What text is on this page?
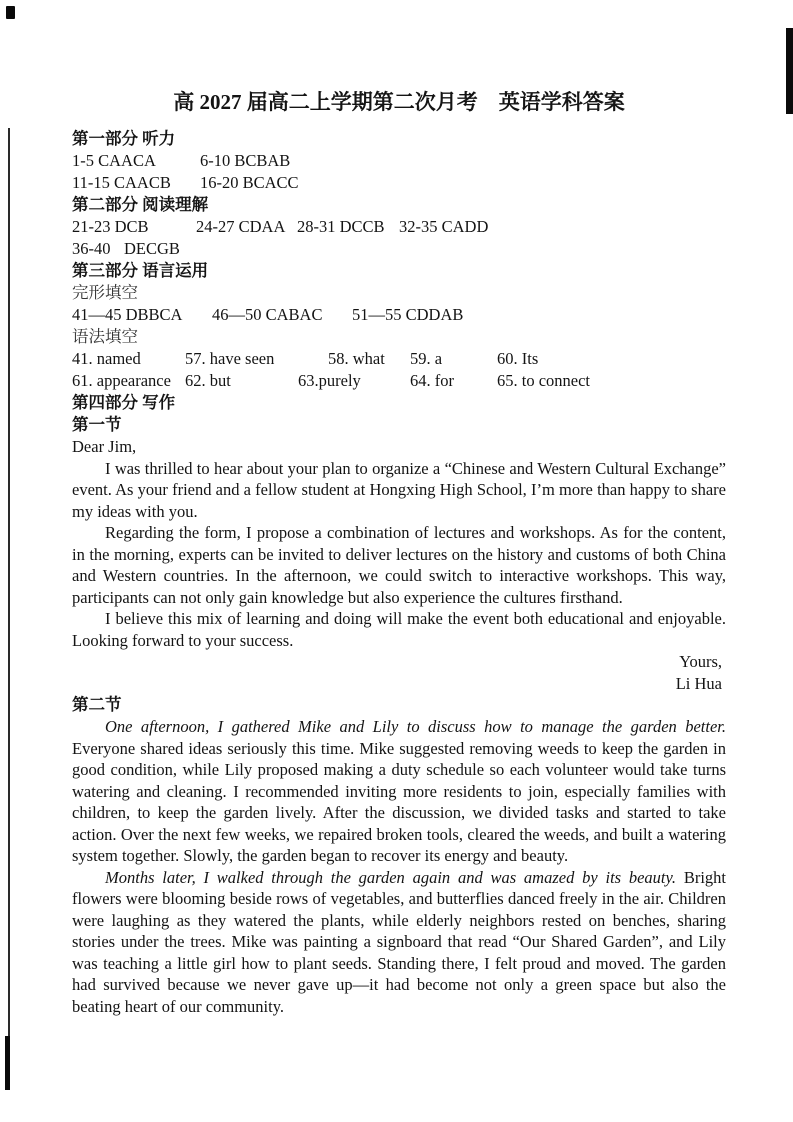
高 2027 届高二上学期第二次月考　英语学科答案
第一部分 听力
1-5 CAACA	6-10 BCBAB
11-15 CAACB	16-20 BCACC
第二部分 阅读理解
21-23 DCB	24-27 CDAA 28-31 DCCB 32-35 CADD
36-40 DECGB
第三部分 语言运用
完形填空
41—45 DBBCA	46—50 CABAC	51—55 CDDAB
语法填空
41. named	57. have seen	58. what	59. a	60. Its
61. appearance 62. but	63.purely	64. for	65. to connect
第四部分 写作
第一节

Dear Jim,

I was thrilled to hear about your plan to organize a “Chinese and Western Cultural Exchange” event. As your friend and a fellow student at Hongxing High School, I’m more than happy to share my ideas with you.

Regarding the form, I propose a combination of lectures and workshops. As for the content, in the morning, experts can be invited to deliver lectures on the history and customs of both China and Western countries. In the afternoon, we could switch to interactive workshops. This way, participants can not only gain knowledge but also experience the cultures firsthand.

I believe this mix of learning and doing will make the event both educational and enjoyable. Looking forward to your success.

Yours,

Li Hua

第二节

One afternoon, I gathered Mike and Lily to discuss how to manage the garden better. Everyone shared ideas seriously this time. Mike suggested removing weeds to keep the garden in good condition, while Lily proposed making a duty schedule so each volunteer would take turns watering and cleaning. I recommended inviting more residents to join, especially families with children, to keep the garden lively. After the discussion, we divided tasks and started to take action. Over the next few weeks, we repaired broken tools, cleared the weeds, and built a watering system together. Slowly, the garden began to recover its energy and beauty.

Months later, I walked through the garden again and was amazed by its beauty. Bright flowers were blooming beside rows of vegetables, and butterflies danced freely in the air. Children were laughing as they watered the plants, while elderly neighbors rested on benches, sharing stories under the trees. Mike was painting a signboard that read “Our Shared Garden”, and Lily was teaching a little girl how to plant seeds. Standing there, I felt proud and moved. The garden had survived because we never gave up—it had become not only a green space but also the beating heart of our community.
